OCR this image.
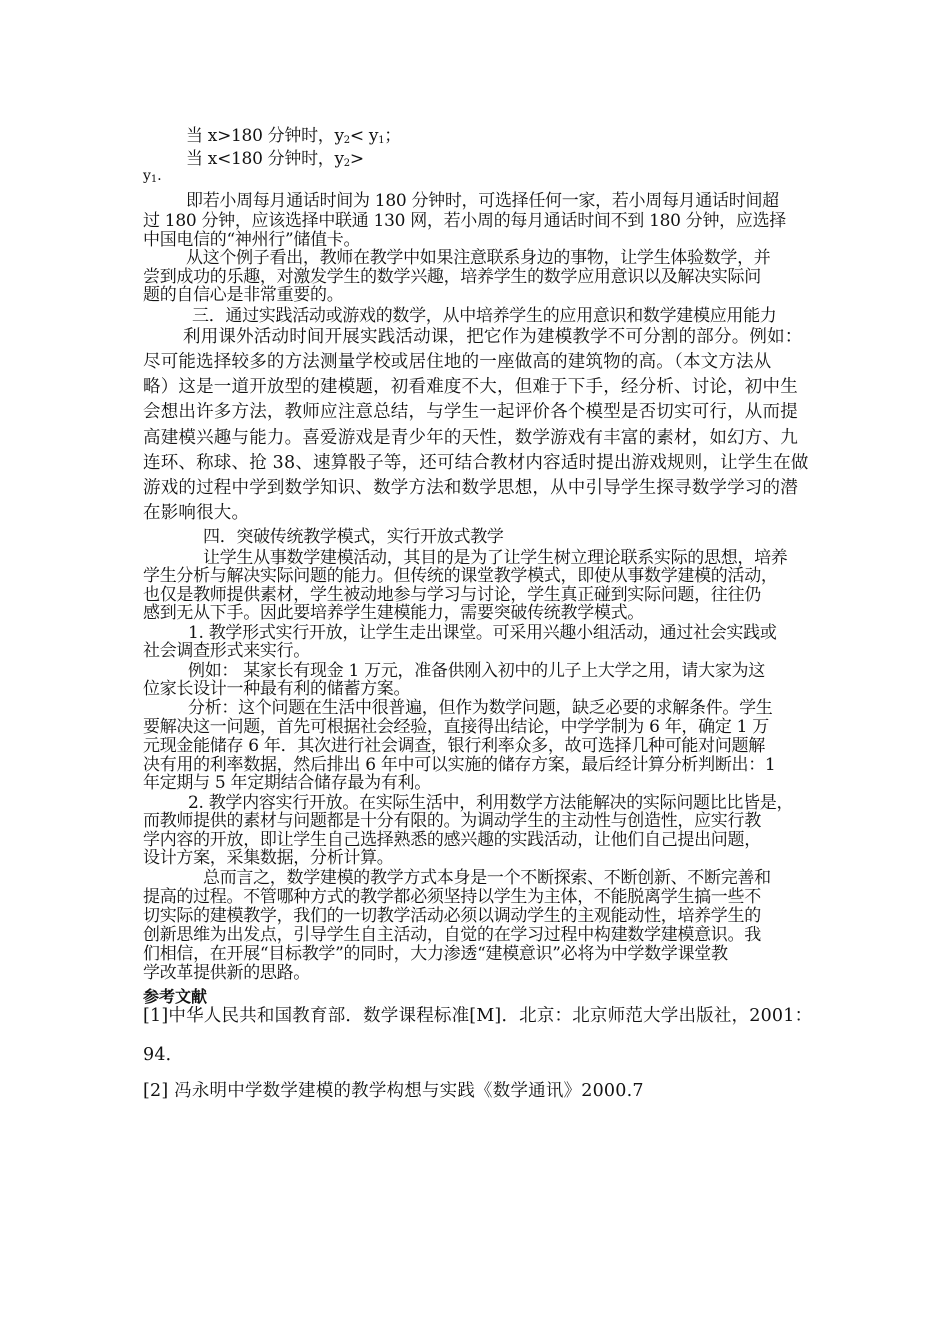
当 x>180 分钟时，$y_2< y_1$；

当 x<180 分钟时，$y_2>$

$y_1$．

即若小周每月通话时间为 180 分钟时，可选择任何一家，若小周每月通话时间超

过 180 分钟，应该选择中联通 130 网，若小周的每月通话时间不到 180 分钟，应选择

中国电信的“神州行”储值卡。

从这个例子看出，教师在教学中如果注意联系身边的事物，让学生体验数学，并

尝到成功的乐趣，对激发学生的数学兴趣，培养学生的数学应用意识以及解决实际问

题的自信心是非常重要的。

三．通过实践活动或游戏的数学，从中培养学生的应用意识和数学建模应用能力

利用课外活动时间开展实践活动课，把它作为建模教学不可分割的部分。例如：

尽可能选择较多的方法测量学校或居住地的一座做高的建筑物的高。（本文方法从

略）这是一道开放型的建模题，初看难度不大，但难于下手，经分析、讨论，初中生

会想出许多方法，教师应注意总结，与学生一起评价各个模型是否切实可行，从而提

高建模兴趣与能力。喜爱游戏是青少年的天性，数学游戏有丰富的素材，如幻方、九

连环、称球、抢 38、速算骰子等，还可结合教材内容适时提出游戏规则，让学生在做

游戏的过程中学到数学知识、数学方法和数学思想，从中引导学生探寻数学学习的潜

在影响很大。

四．突破传统教学模式，实行开放式教学

让学生从事数学建模活动，其目的是为了让学生树立理论联系实际的思想，培养

学生分析与解决实际问题的能力。但传统的课堂教学模式，即使从事数学建模的活动，

也仅是教师提供素材，学生被动地参与学习与讨论，学生真正碰到实际问题，往往仍

感到无从下手。因此要培养学生建模能力，需要突破传统教学模式。

1. 教学形式实行开放，让学生走出课堂。可采用兴趣小组活动，通过社会实践或

社会调查形式来实行。

例如： 某家长有现金 1 万元，准备供刚入初中的儿子上大学之用，请大家为这

位家长设计一种最有利的储蓄方案。

分析：这个问题在生活中很普遍，但作为数学问题，缺乏必要的求解条件。学生

要解决这一问题，首先可根据社会经验，直接得出结论，中学学制为 6 年，确定 1 万

元现金能储存 6 年．其次进行社会调查，银行利率众多，故可选择几种可能对问题解

决有用的利率数据，然后排出 6 年中可以实施的储存方案，最后经计算分析判断出：1

年定期与 5 年定期结合储存最为有利。

2. 教学内容实行开放。在实际生活中，利用数学方法能解决的实际问题比比皆是，

而教师提供的素材与问题都是十分有限的。为调动学生的主动性与创造性，应实行教

学内容的开放，即让学生自己选择熟悉的感兴趣的实践活动，让他们自己提出问题，

设计方案，采集数据，分析计算。

总而言之，数学建模的教学方式本身是一个不断探索、不断创新、不断完善和

提高的过程。不管哪种方式的教学都必须坚持以学生为主体，不能脱离学生搞一些不

切实际的建模教学，我们的一切教学活动必须以调动学生的主观能动性，培养学生的

创新思维为出发点，引导学生自主活动，自觉的在学习过程中构建数学建模意识。我

们相信，在开展“目标教学”的同时，大力渗透“建模意识”必将为中学数学课堂教

学改革提供新的思路。

参考文献

[1]中华人民共和国教育部．数学课程标准[M]．北京：北京师范大学出版社，2001：

94．

[2] 冯永明中学数学建模的教学构想与实践《数学通讯》2000.7
